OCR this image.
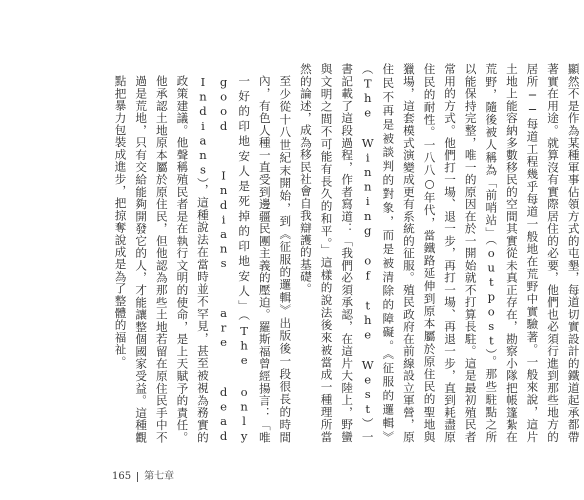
顯然不是作為某種軍事佔領方式的屯墾，每道切實設計的鐵道起承都帶著實在用途。就算沒有實際居住的必要，他們也必須行進到那些地方的居所──每道工程幾乎每道一般地在荒野中實驗著。一般來說，這片土地上能容納多數移民的空間其實從未真正存在，勘察小隊把帳篷紮在荒野，隨後被人稱為「前哨站」（outpost）。那些駐點之所以能保持完整，唯一的原因在於一開始就不打算長駐。這是最初殖民者常用的方式。他們打一場、退一步，再打一場、再退一步，直到耗盡原住民的耐性。一八八○年代，當鐵路延伸到原本屬於原住民的聖地與獵場，這套模式演變成更有系統的征服。殖民政府在前線設立軍營，原住民不再是被談判的對象，而是被清除的障礙。《征服的邏輯》（The Winning of the West）一書記載了這段過程，作者寫道：「我們必須承認，在這片大陸上，野蠻與文明之間不可能有長久的和平。」這樣的說法後來被當成一種理所當然的論述，成為移民社會自我辯護的基礎。

至少從十八世紀末開始，到《征服的邏輯》出版後一段很長的時間內，有色人種一直受到邊疆民團主義的壓迫。羅斯福曾經揚言：「唯一好的印地安人是死掉的印地安人」（The only good Indians are dead Indians），這種說法在當時並不罕見，甚至被視為務實的政策建議。他聲稱殖民者是在執行文明的使命，是上天賦予的責任。他承認土地原本屬於原住民，但他認為那些土地若留在原住民手中不過是荒地，只有交給能夠開發它的人，才能讓整個國家受益。這種觀點把暴力包裝成進步，把掠奪說成是為了整體的福祉。

165 第七章
